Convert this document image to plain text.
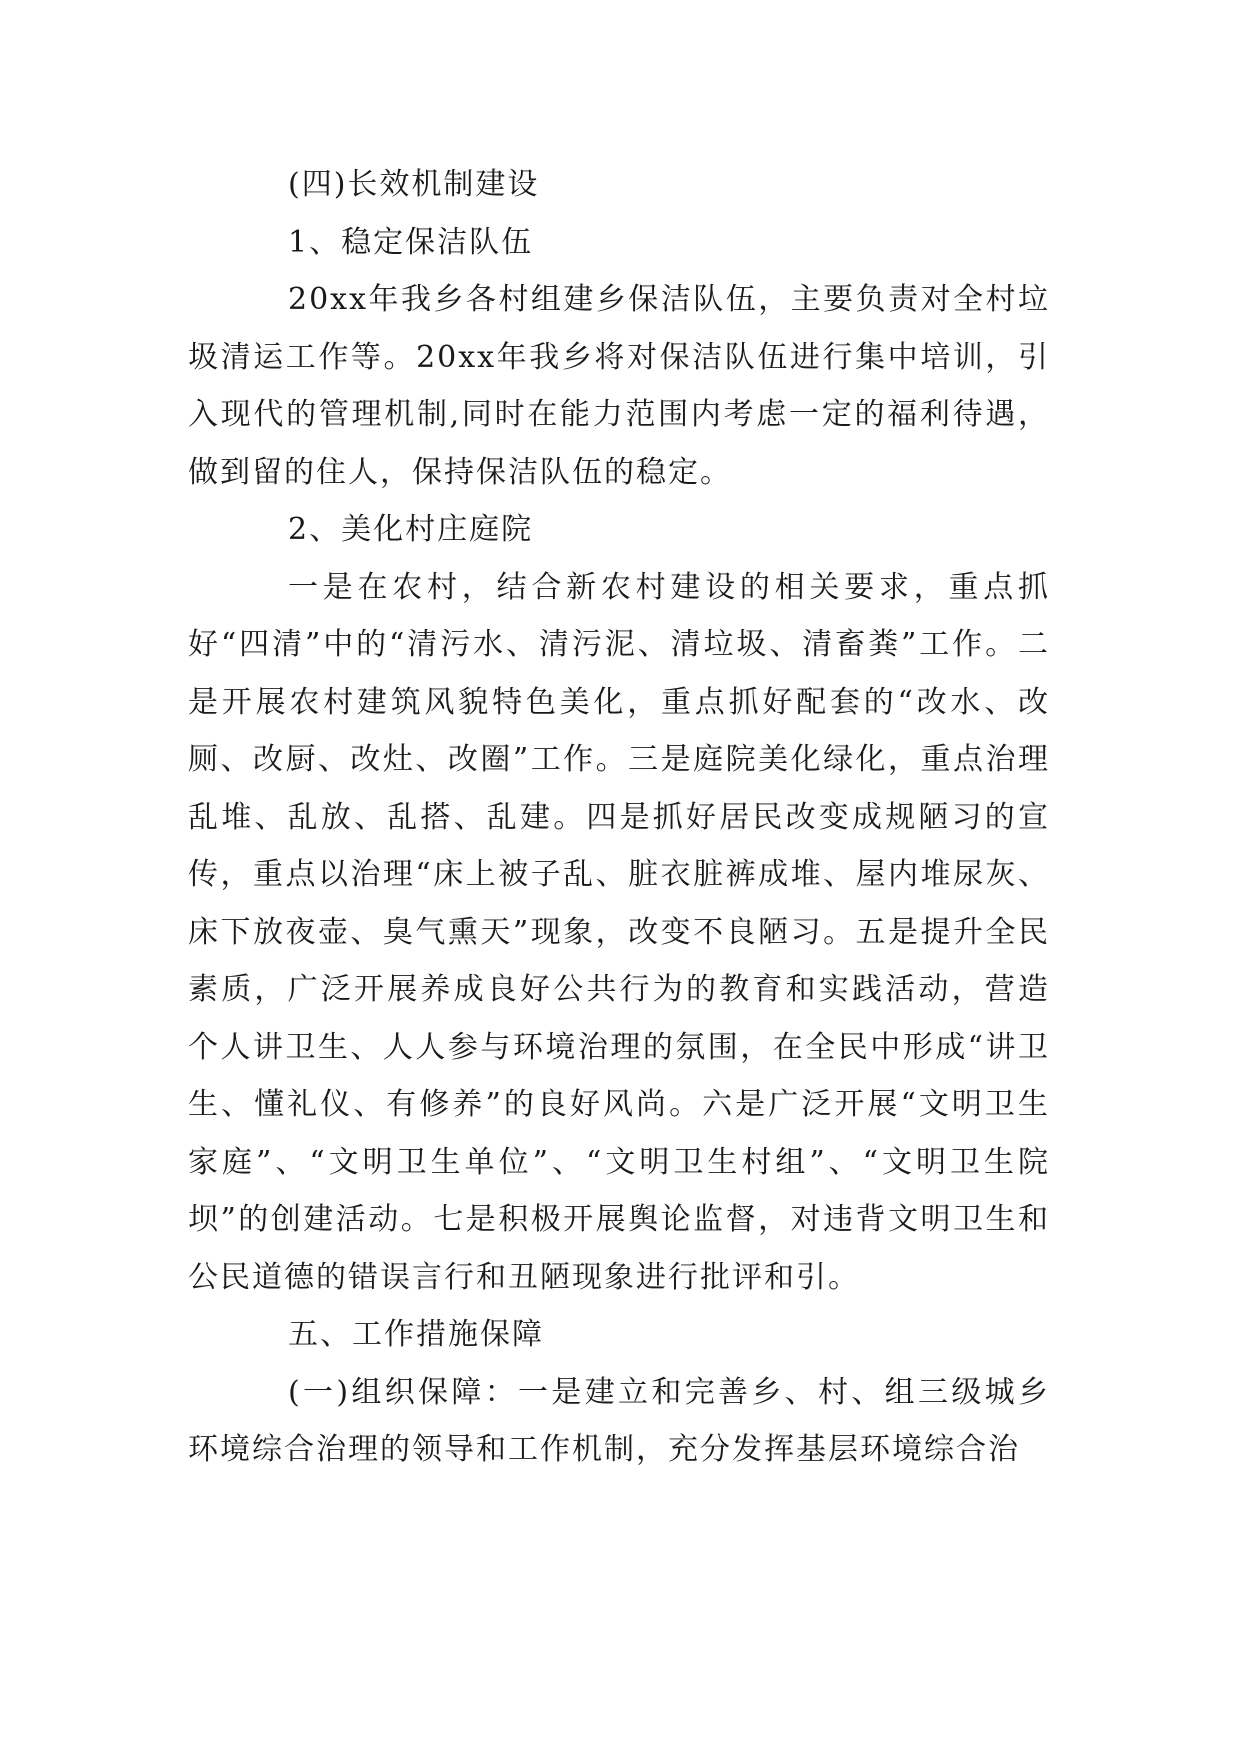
(四)长效机制建设

1、稳定保洁队伍

20xx年我乡各村组建乡保洁队伍，主要负责对全村垃圾清运工作等。20xx年我乡将对保洁队伍进行集中培训，引入现代的管理机制,同时在能力范围内考虑一定的福利待遇，做到留的住人，保持保洁队伍的稳定。

2、美化村庄庭院

一是在农村，结合新农村建设的相关要求，重点抓好“四清”中的“清污水、清污泥、清垃圾、清畜粪”工作。二是开展农村建筑风貌特色美化，重点抓好配套的“改水、改厕、改厨、改灶、改圈”工作。三是庭院美化绿化，重点治理乱堆、乱放、乱搭、乱建。四是抓好居民改变成规陋习的宣传，重点以治理“床上被子乱、脏衣脏裤成堆、屋内堆尿灰、床下放夜壶、臭气熏天”现象，改变不良陋习。五是提升全民素质，广泛开展养成良好公共行为的教育和实践活动，营造个人讲卫生、人人参与环境治理的氛围，在全民中形成“讲卫生、懂礼仪、有修养”的良好风尚。六是广泛开展“文明卫生家庭”、“文明卫生单位”、“文明卫生村组”、“文明卫生院坝”的创建活动。七是积极开展舆论监督，对违背文明卫生和公民道德的错误言行和丑陋现象进行批评和引。

五、工作措施保障

(一)组织保障：一是建立和完善乡、村、组三级城乡环境综合治理的领导和工作机制，充分发挥基层环境综合治
